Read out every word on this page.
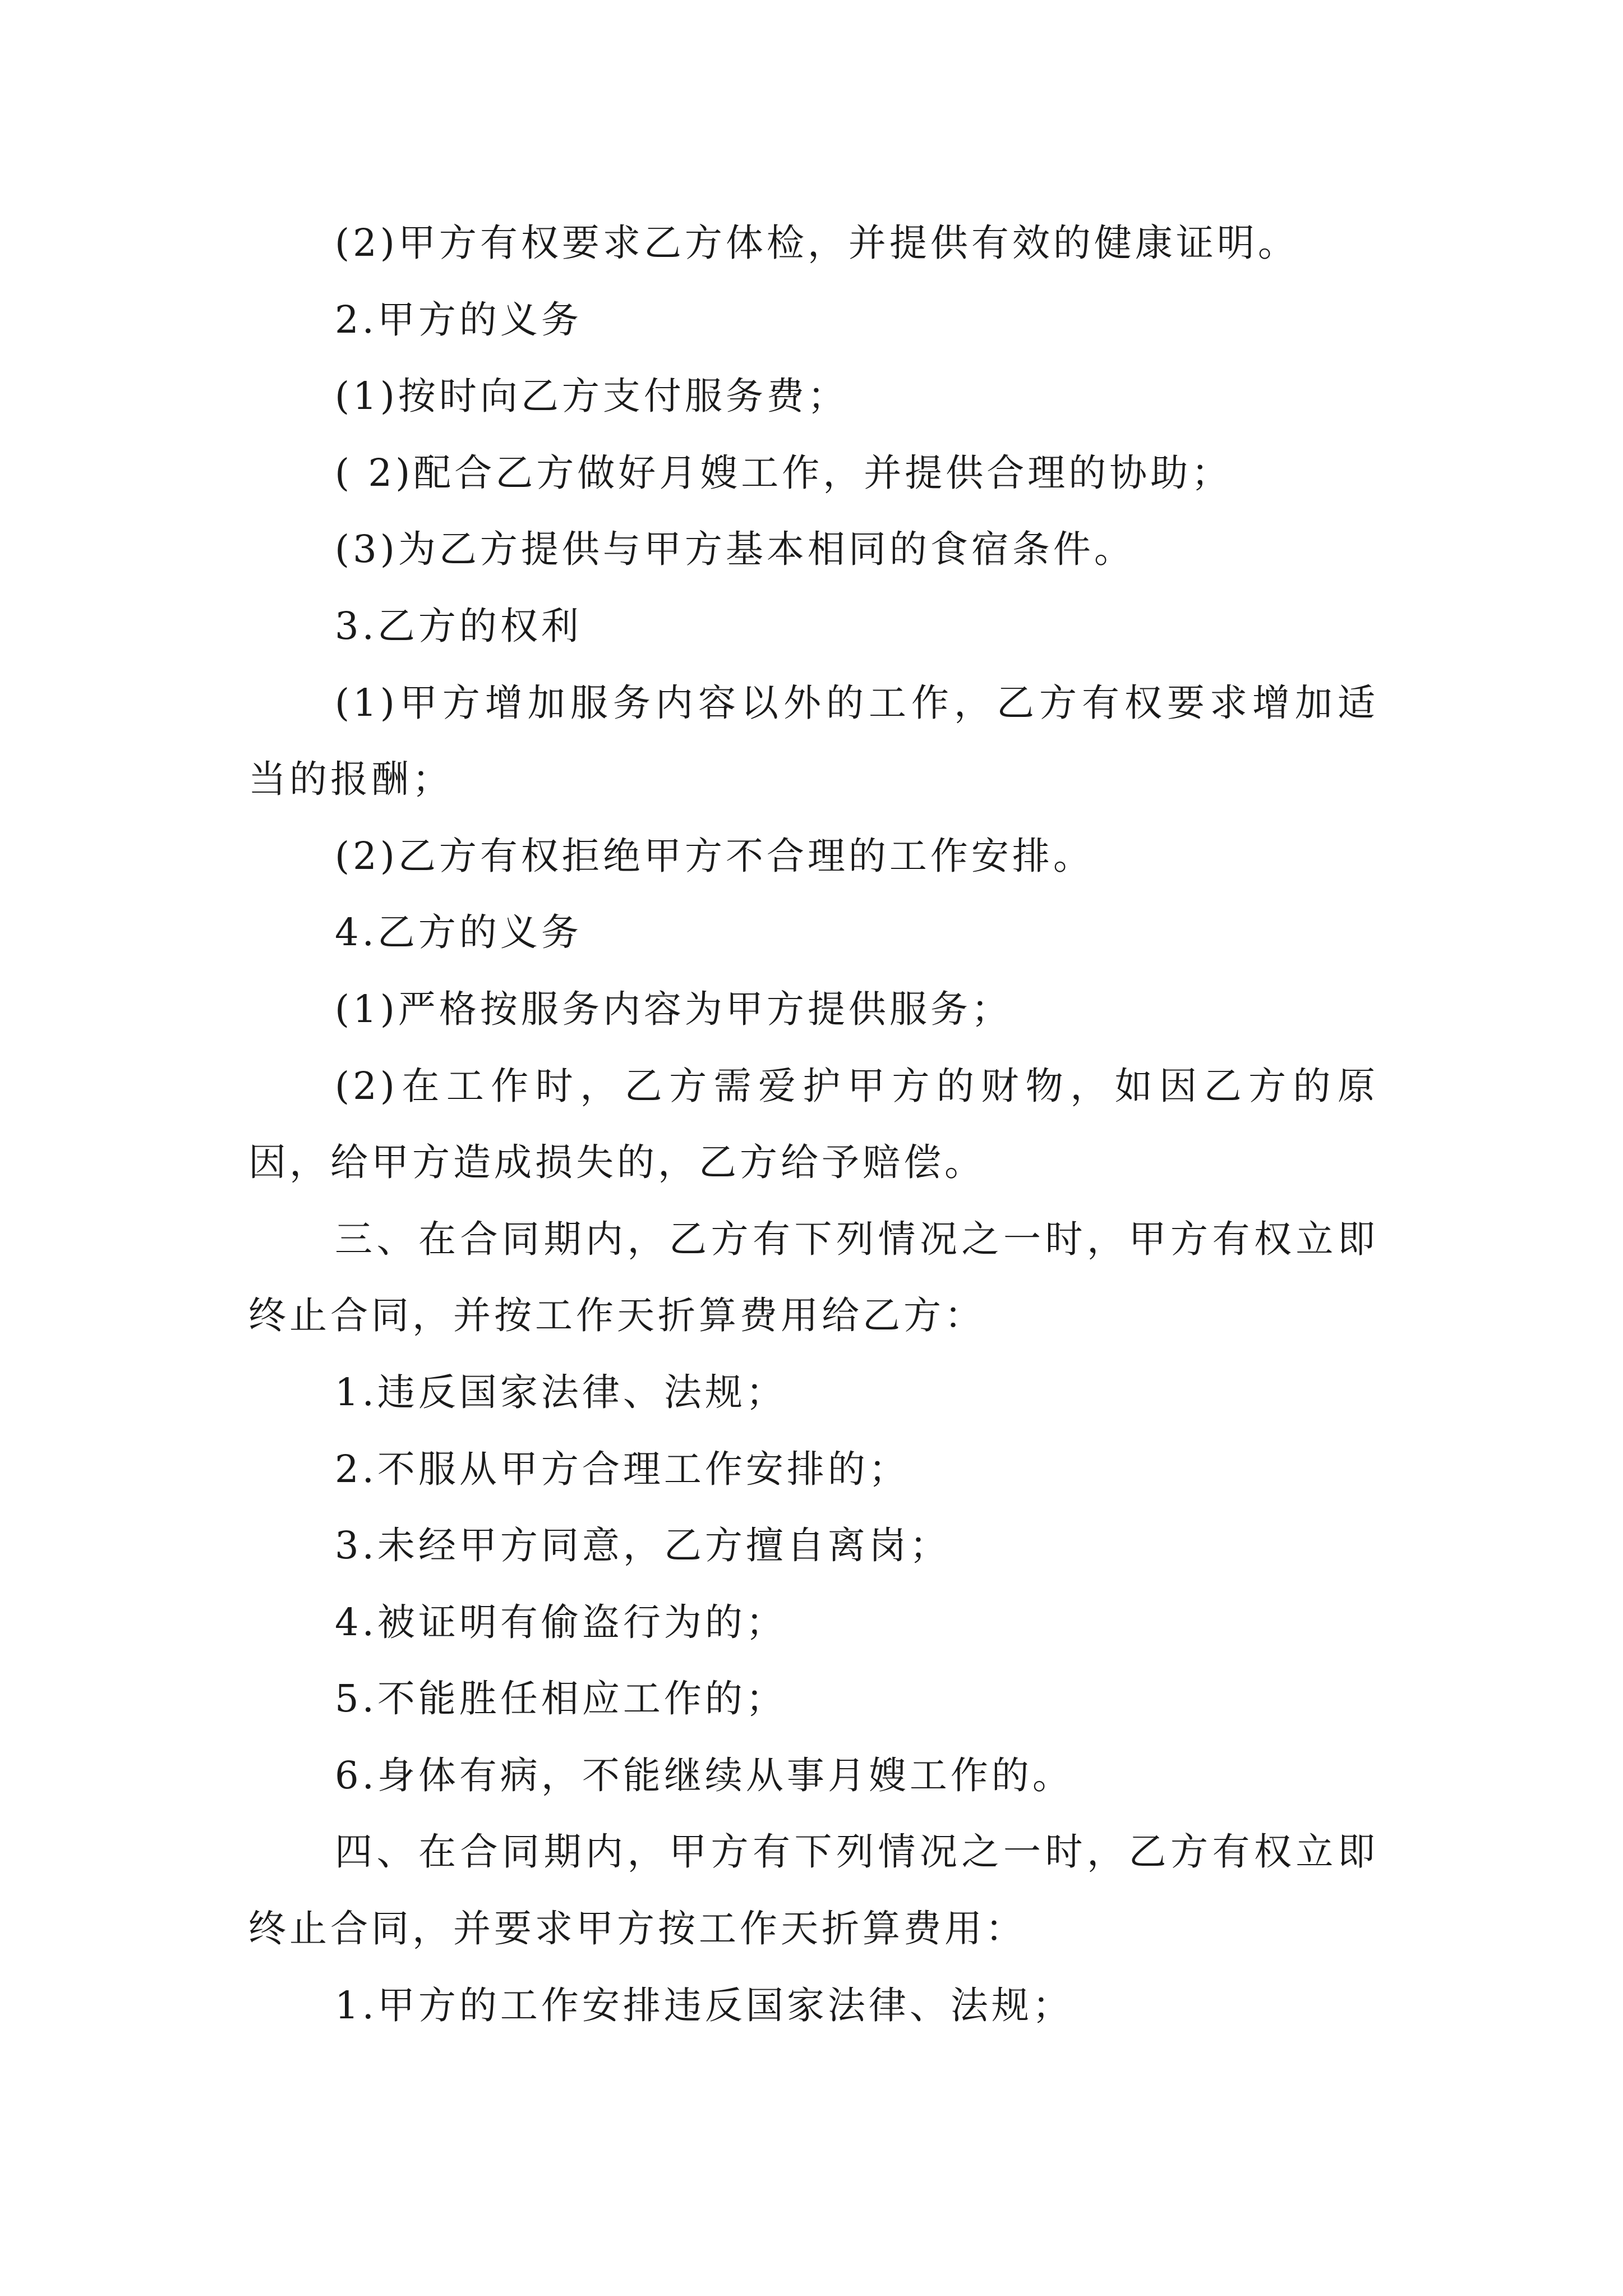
(2)甲方有权要求乙方体检，并提供有效的健康证明。

2.甲方的义务

(1)按时向乙方支付服务费；

( 2)配合乙方做好月嫂工作，并提供合理的协助；

(3)为乙方提供与甲方基本相同的食宿条件。

3.乙方的权利

(1)甲方增加服务内容以外的工作，乙方有权要求增加适当的报酬；

(2)乙方有权拒绝甲方不合理的工作安排。

4.乙方的义务

(1)严格按服务内容为甲方提供服务；

(2)在工作时，乙方需爱护甲方的财物，如因乙方的原因，给甲方造成损失的，乙方给予赔偿。

三、在合同期内，乙方有下列情况之一时，甲方有权立即终止合同，并按工作天折算费用给乙方：

1.违反国家法律、法规；

2.不服从甲方合理工作安排的；

3.未经甲方同意，乙方擅自离岗；

4.被证明有偷盗行为的；

5.不能胜任相应工作的；

6.身体有病，不能继续从事月嫂工作的。

四、在合同期内，甲方有下列情况之一时，乙方有权立即终止合同，并要求甲方按工作天折算费用：

1.甲方的工作安排违反国家法律、法规；
